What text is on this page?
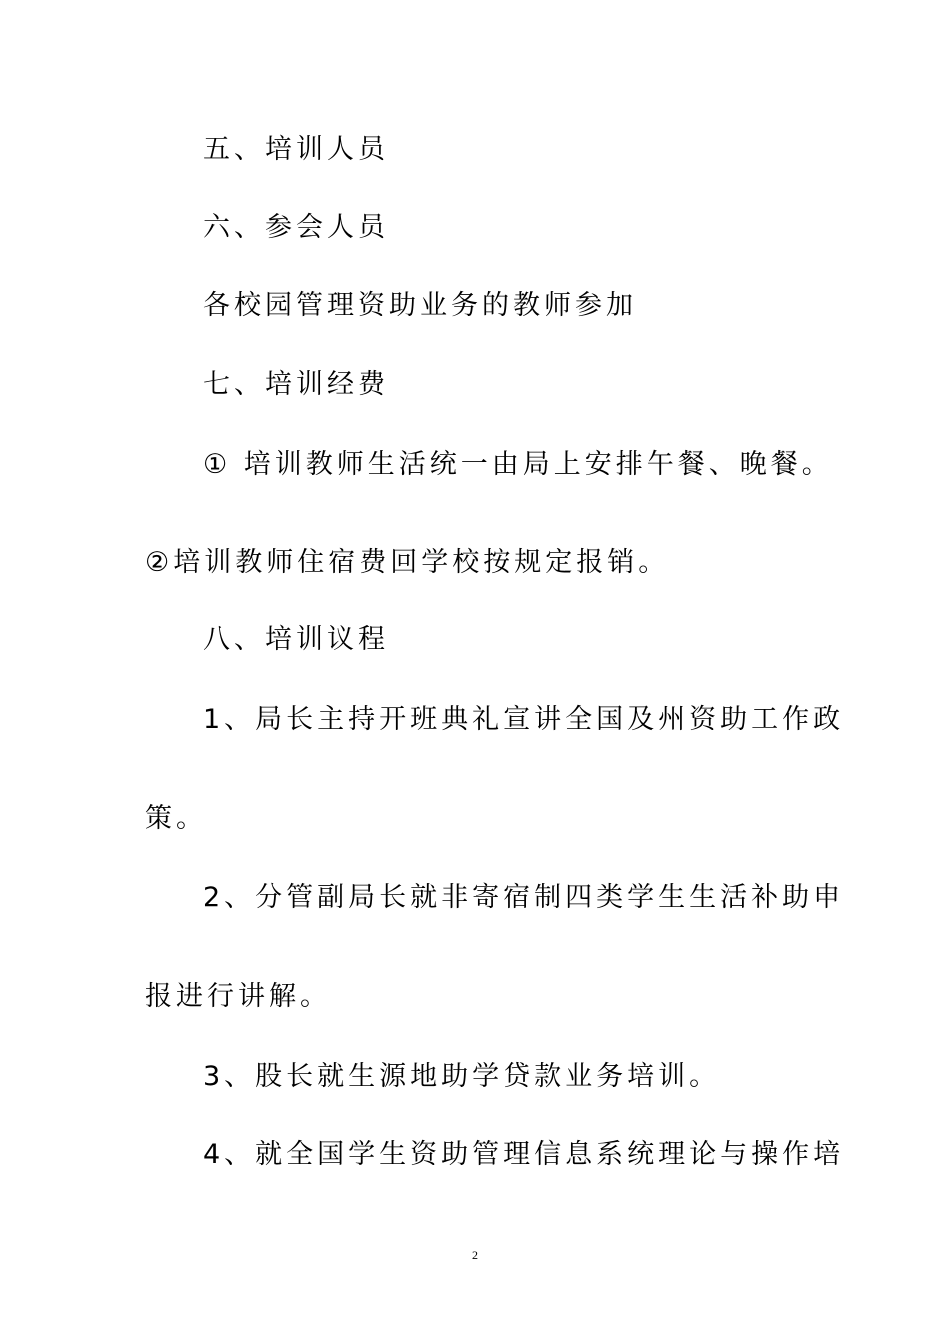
五、培训人员
六、参会人员
各校园管理资助业务的教师参加
七、培训经费
① 培训教师生活统一由局上安排午餐、晚餐。
②培训教师住宿费回学校按规定报销。
八、培训议程
1、局长主持开班典礼宣讲全国及州资助工作政
策。
2、分管副局长就非寄宿制四类学生生活补助申
报进行讲解。
3、股长就生源地助学贷款业务培训。
4、就全国学生资助管理信息系统理论与操作培
2
